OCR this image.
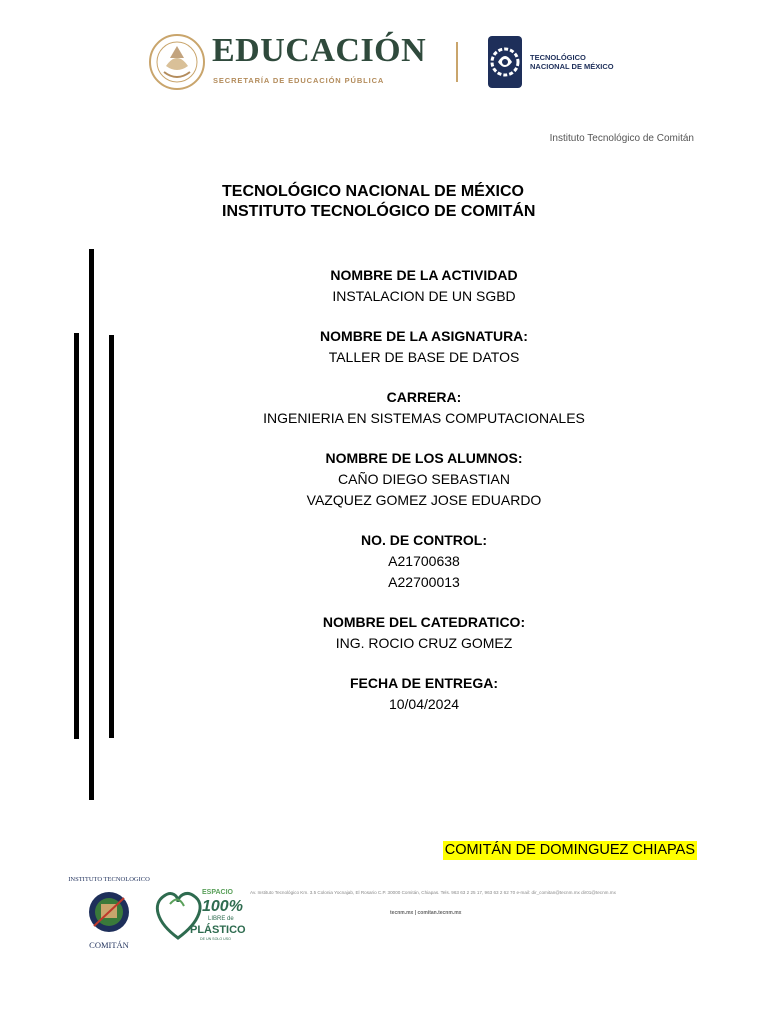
EDUCACIÓN
SECRETARÍA DE EDUCACIÓN PÚBLICA
TECNOLÓGICO
NACIONAL DE MÉXICO
Instituto Tecnológico de Comitán
TECNOLÓGICO NACIONAL DE MÉXICO
INSTITUTO TECNOLÓGICO DE COMITÁN
NOMBRE DE LA ACTIVIDAD
INSTALACION DE UN SGBD
NOMBRE DE LA ASIGNATURA:
TALLER DE BASE DE DATOS
CARRERA:
INGENIERIA EN SISTEMAS COMPUTACIONALES
NOMBRE DE LOS ALUMNOS:
CAÑO DIEGO SEBASTIAN
VAZQUEZ GOMEZ JOSE EDUARDO
NO. DE CONTROL:
A21700638
A22700013
NOMBRE DEL CATEDRATICO:
ING. ROCIO CRUZ GOMEZ
FECHA DE ENTREGA:
10/04/2024
COMITÁN DE DOMINGUEZ CHIAPAS
INSTITUTO TECNOLOGICO
COMITÁN
ESPACIO
100%
LIBRE de
PLÁSTICO
DE UN SOLO USO
Av. Instituto Tecnológico Km. 3.5 Colonia Yocnajab, El Rosario C.P. 30000 Comitán, Chiapas. Tels. 963 63 2 25 17, 963 63 2 62 70 e-mail: dir_comitan@tecnm.mx dir01@tecnm.mx
tecnm.mx | comitan.tecnm.mx
